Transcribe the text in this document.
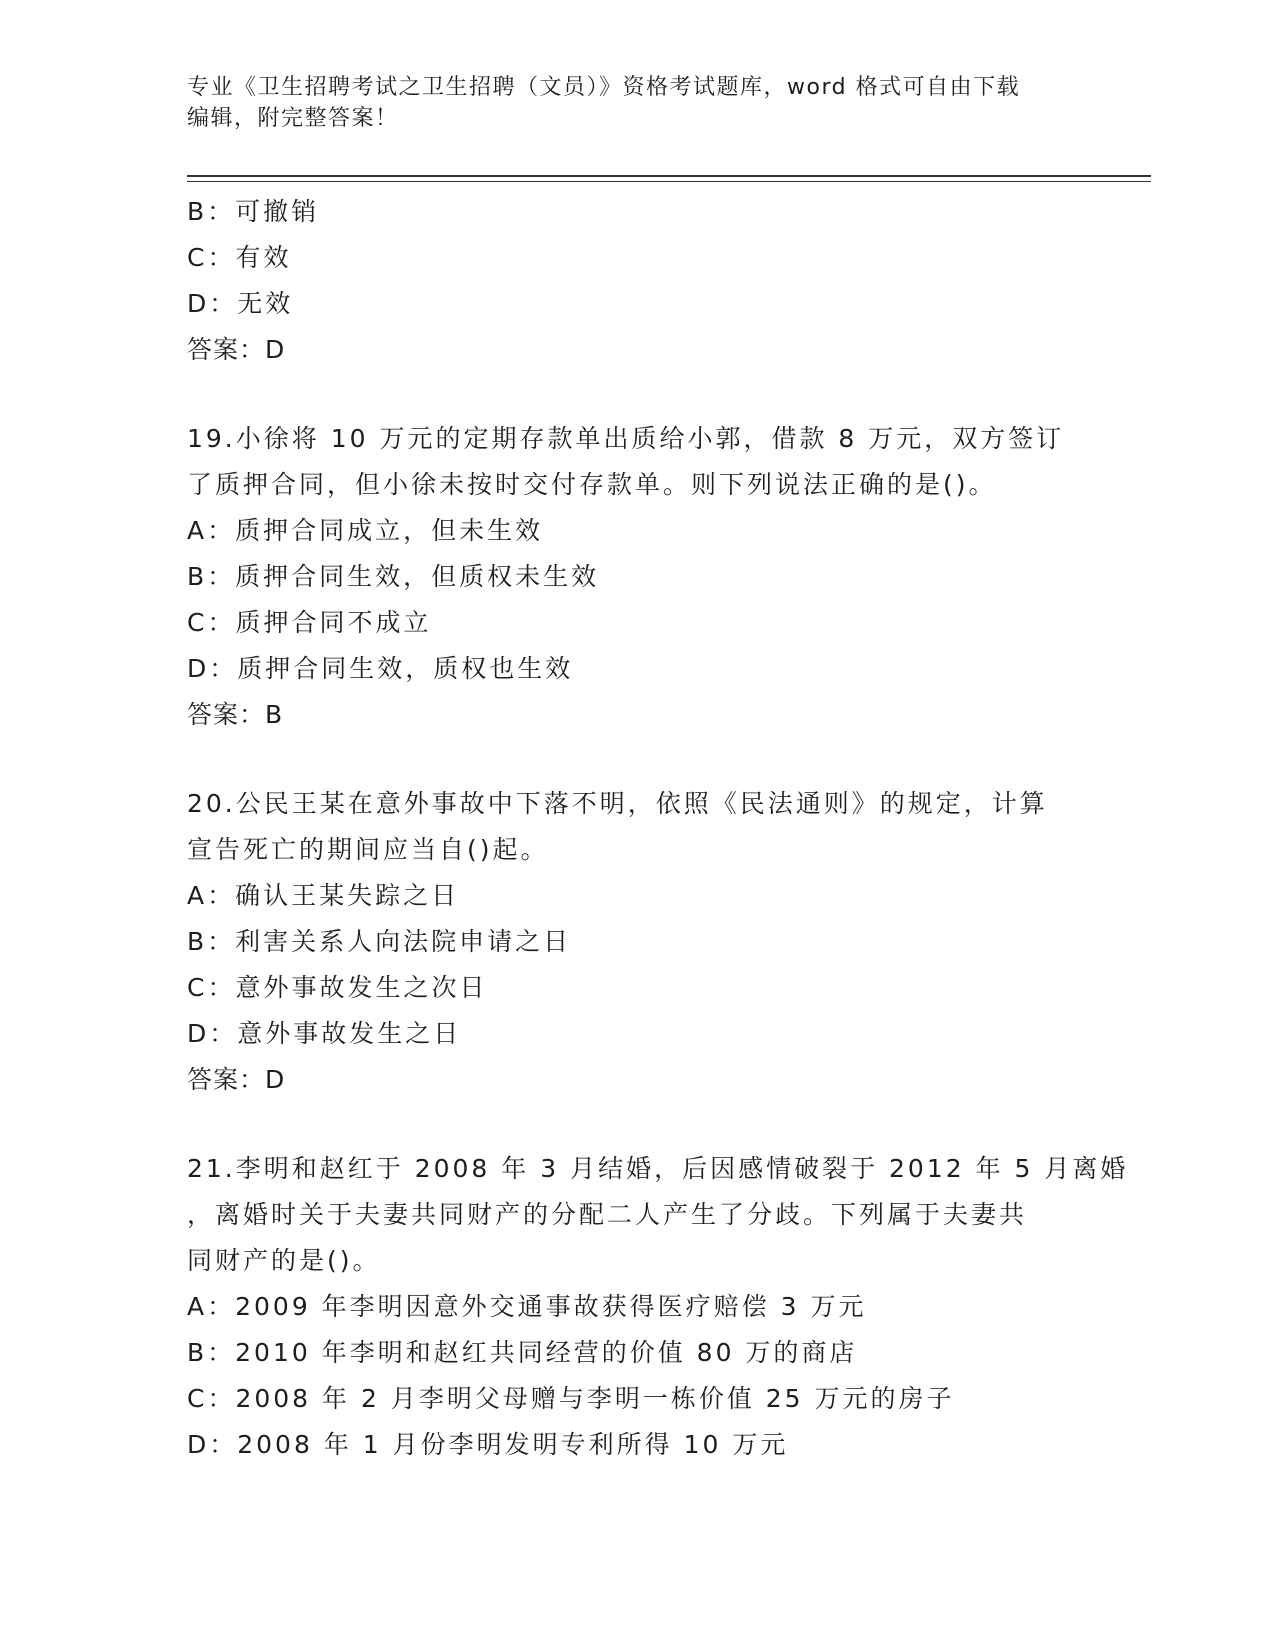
专业《卫生招聘考试之卫生招聘（文员）》资格考试题库，word 格式可自由下载
编辑，附完整答案！
B：可撤销
C：有效
D：无效
答案：D
19.小徐将 10 万元的定期存款单出质给小郭，借款 8 万元，双方签订
了质押合同，但小徐未按时交付存款单。则下列说法正确的是()。
A：质押合同成立，但未生效
B：质押合同生效，但质权未生效
C：质押合同不成立
D：质押合同生效，质权也生效
答案：B
20.公民王某在意外事故中下落不明，依照《民法通则》的规定，计算
宣告死亡的期间应当自()起。
A：确认王某失踪之日
B：利害关系人向法院申请之日
C：意外事故发生之次日
D：意外事故发生之日
答案：D
21.李明和赵红于 2008 年 3 月结婚，后因感情破裂于 2012 年 5 月离婚
，离婚时关于夫妻共同财产的分配二人产生了分歧。下列属于夫妻共
同财产的是()。
A：2009 年李明因意外交通事故获得医疗赔偿 3 万元
B：2010 年李明和赵红共同经营的价值 80 万的商店
C：2008 年 2 月李明父母赠与李明一栋价值 25 万元的房子
D：2008 年 1 月份李明发明专利所得 10 万元
